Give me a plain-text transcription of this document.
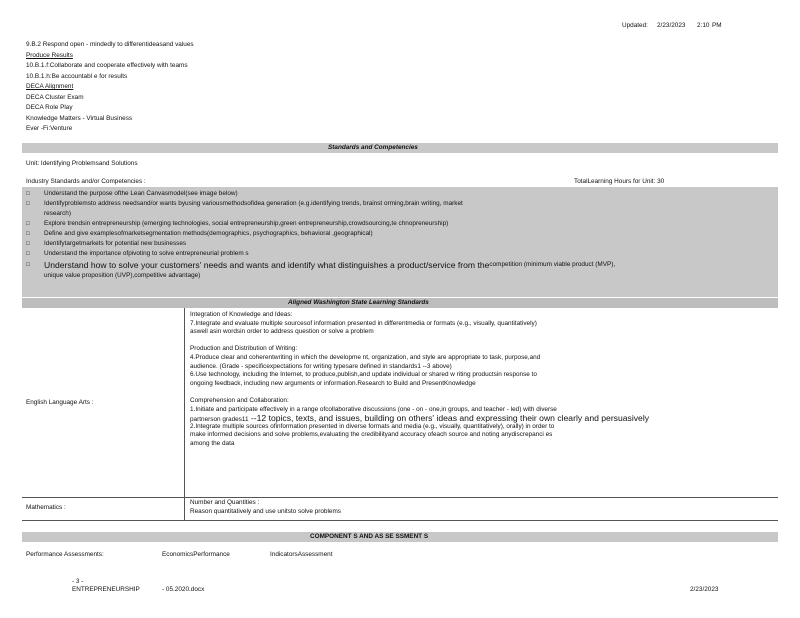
Updated: 2/23/2023 2:10 PM
9.B.2 Respond open - mindedly to differentideasand values
Produce Results
10.B.1.f:Collaborate and cooperate effectively with teams
10.B.1.h:Be accountabl e for results
DECA Alignment
DECA Cluster Exam
DECA Role Play
Knowledge Matters - Virtual Business
Ever -Fi:Venture
Standards and Competencies
Unit: Identifying Problemsand Solutions
Industry Standards and/or Competencies :	TotalLearning Hours for Unit: 30
□	Understand the purpose ofthe Lean Canvasmodel(see image below)
□	Identifyproblemsto address needsand/or wants byusing variousmethodsofidea generation (e.g.identifying trends, brainst orming,brain writing, market
research)
□	Explore trendsin entrepreneurship (emerging technologies, social entrepreneurship,green entrepreneurship,crowdsourcing,te chnopreneurship)
□	Define and give examplesofmarketsegmentation methods(demographics, psychographics, behavioral ,geographical)
□	Identifytargetmarkets for potential new businesses
□	Understand the importance ofpivoting to solve entrepreneurial problem s
□	Understand how to solve your customers' needs and wants and identify what distinguishes a product/service from the competition (minimum viable product (MVP),
unique value proposition (UVP),competitive advantage)
Aligned Washington State Learning Standards
English Language Arts :
Integration of Knowledge and Ideas:
7.Integrate and evaluate multiple sourcesof information presented in differentmedia or formats (e.g., visually, quantitatively)
aswell asin wordsin order to address question or solve a problem
Production and Distribution of Writing:
4.Produce clear and coherentwriting in which the developme nt, organization, and style are appropriate to task, purpose,and
audience. (Grade - specificexpectations for writing typesare defined in standards1 --3 above)
6.Use technology, including the Internet, to produce,publish,and update individual or shared w riting productsin response to
ongoing feedback, including new arguments or information.Research to Build and PresentKnowledge
Comprehension and Collaboration:
1.Initiate and participate effectively in a range ofcollaborative discussions (one - on - one,in groups, and teacher - led) with diverse
partnerson grades11 --12 topics, texts, and issues, building on others' ideas and expressing their own clearly and persuasively
2.Integrate multiple sources ofinformation presented in diverse formats and media (e.g., visually, quantitatively), orally) in order to
make informed decisions and solve problems,evaluating the credibilityand accuracy ofeach source and noting anydiscrepanci es
among the data
Mathematics :
Number and Quantities :
Reason quantitatively and use unitsto solve problems
COMPONENT S AND AS SE SSMENT S
Performance Assessments:	EconomicsPerformance	IndicatorsAssessment
- 3 -
ENTREPRENEURSHIP	- 05.2020.docx	2/23/2023
